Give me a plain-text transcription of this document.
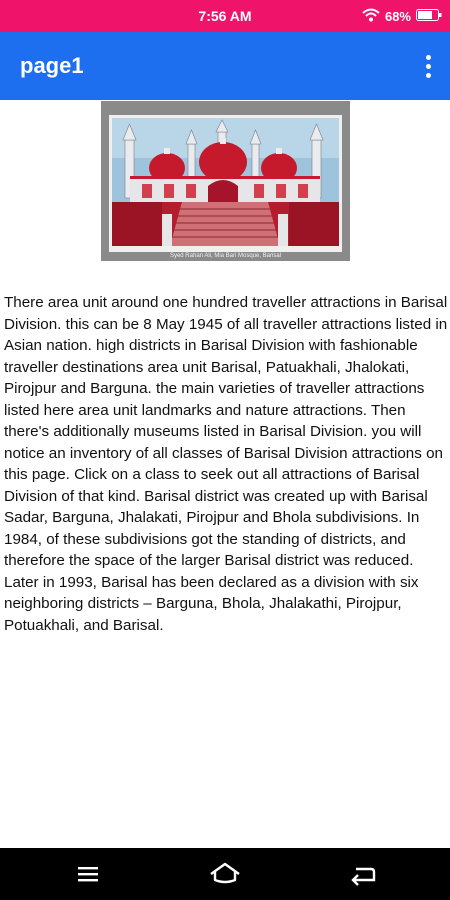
7:56 AM	68%
page1
Syed Rahan Ali, Mia Bari Mosque, Barisal

There area unit around one hundred traveller attractions in Barisal Division. this can be 8 May 1945 of all traveller attractions listed in Asian nation. high districts in Barisal Division with fashionable traveller destinations area unit Barisal, Patuakhali, Jhalokati, Pirojpur and Barguna. the main varieties of traveller attractions listed here area unit landmarks and nature attractions. Then there's additionally museums listed in Barisal Division. you will notice an inventory of all classes of Barisal Division attractions on this page. Click on a class to seek out all attractions of Barisal Division of that kind. Barisal district was created up with Barisal Sadar, Barguna, Jhalakati, Pirojpur and Bhola subdivisions. In 1984, of these subdivisions got the standing of districts, and therefore the space of the larger Barisal district was reduced. Later in 1993, Barisal has been declared as a division with six neighboring districts – Barguna, Bhola, Jhalakathi, Pirojpur, Potuakhali, and Barisal.
